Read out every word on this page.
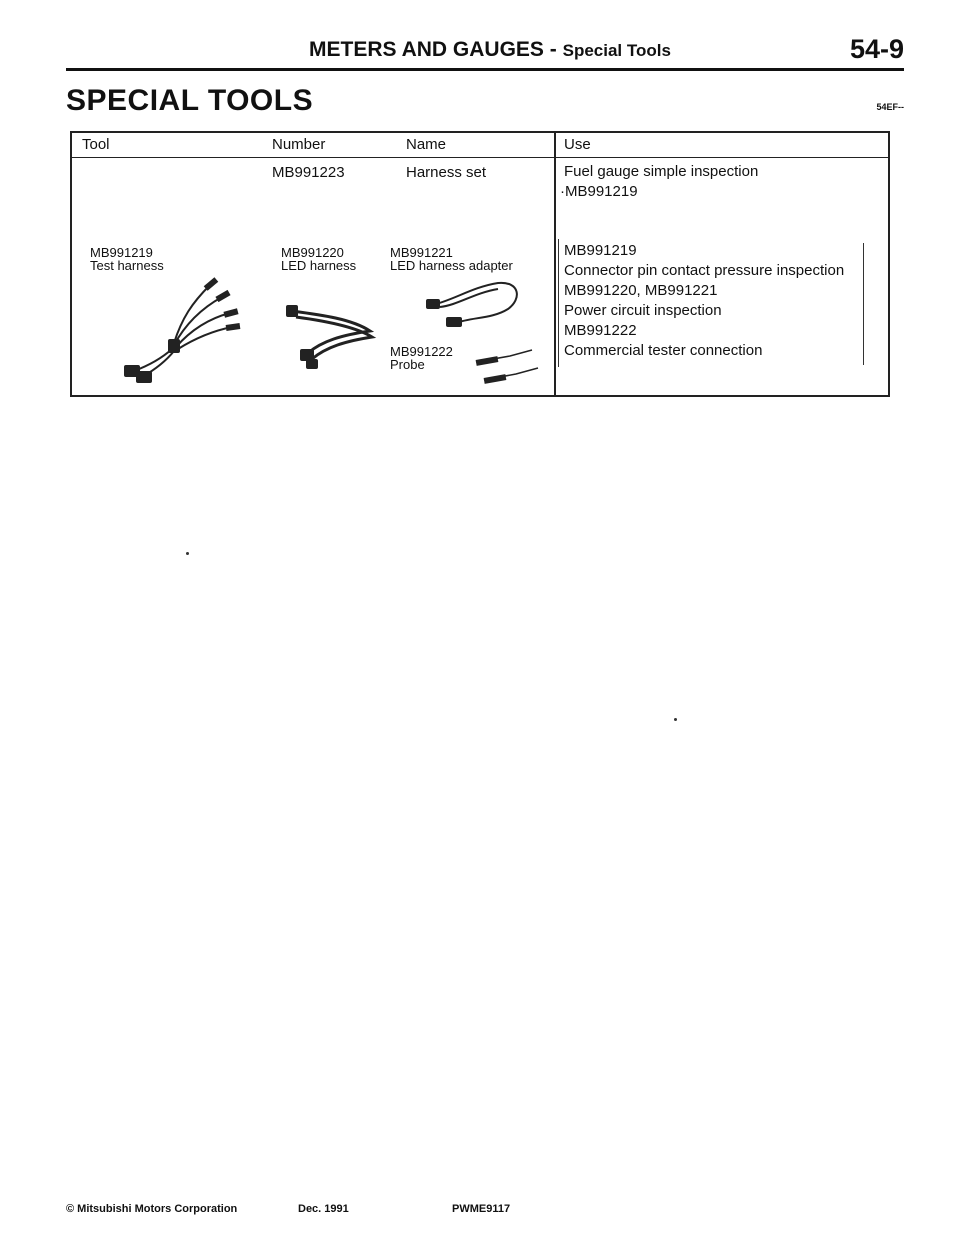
METERS AND GAUGES - Special Tools	54-9
SPECIAL TOOLS	54EF--
Tool	Number	Name	Use
MB991223	Harness set	Fuel gauge simple inspection
·MB991219
MB991219
Test harness
MB991220
LED harness
MB991221
LED harness adapter
MB991222
Probe
MB991219
Connector pin contact pressure inspection
MB991220, MB991221
Power circuit inspection
MB991222
Commercial tester connection
© Mitsubishi Motors Corporation	Dec. 1991	PWME9117
